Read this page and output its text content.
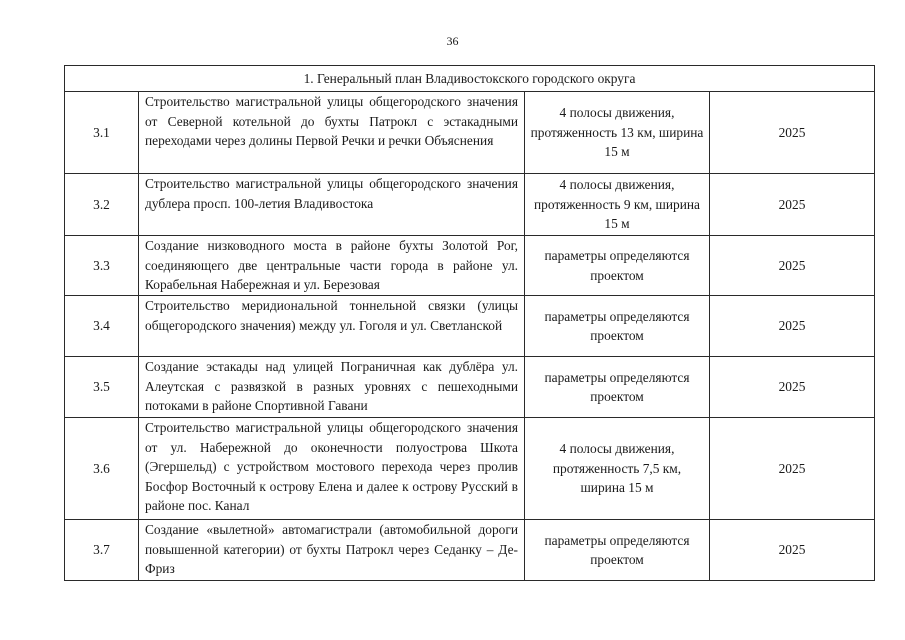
36
1. Генеральный план Владивостокского городского округа			
3.1	Строительство магистральной улицы общегородского значения от Северной котельной до бухты Патрокл с эстакадными переходами через долины Первой Речки и речки Объяснения	4 полосы движения, протяженность 13 км, ширина 15 м	2025
3.2	Строительство магистральной улицы общегородского значения дублера просп. 100-летия Владивостока	4 полосы движения, протяженность 9 км, ширина 15 м	2025
3.3	Создание низководного моста в районе бухты Золотой Рог, соединяющего две центральные части города в районе ул. Корабельная Набережная и ул. Березовая	параметры определяются проектом	2025
3.4	Строительство меридиональной тоннельной связки (улицы общегородского значения) между ул. Гоголя и ул. Светланской	параметры определяются проектом	2025
3.5	Создание эстакады над улицей Пограничная как дублёра ул. Алеутская с развязкой в разных уровнях с пешеходными потоками в районе Спортивной Гавани	параметры определяются проектом	2025
3.6	Строительство магистральной улицы общегородского значения от ул. Набережной до оконечности полуострова Шкота (Эгершельд) с устройством мостового перехода через пролив Босфор Восточный к острову Елена и далее к острову Русский в районе пос. Канал	4 полосы движения, протяженность 7,5 км, ширина 15 м	2025
3.7	Создание «вылетной» автомагистрали (автомобильной дороги повышенной категории) от бухты Патрокл через Седанку – Де-Фриз	параметры определяются проектом	2025
